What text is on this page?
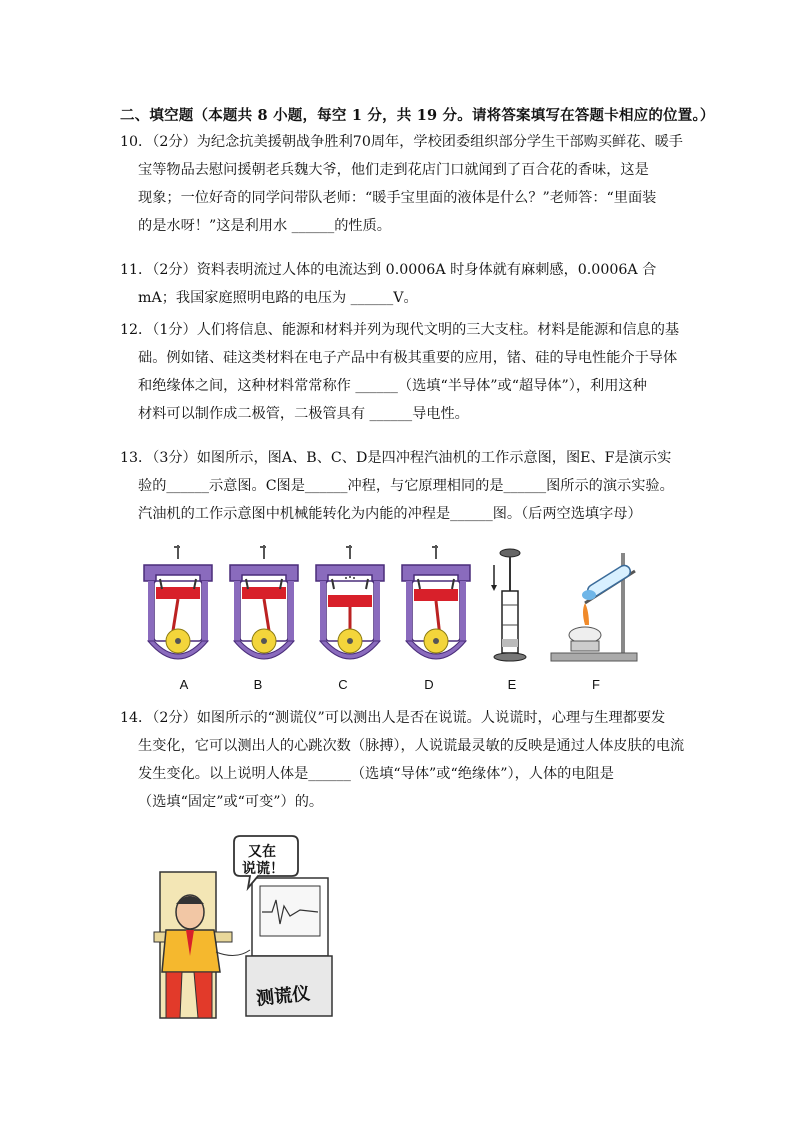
二、填空题（本题共 8 小题，每空 1 分，共 19 分。请将答案填写在答题卡相应的位置。）

10．（2分）为纪念抗美援朝战争胜利70周年，学校团委组织部分学生干部购买鲜花、暖手

宝等物品去慰问援朝老兵魏大爷，他们走到花店门口就闻到了百合花的香味，这是

现象；一位好奇的同学问带队老师：“暖手宝里面的液体是什么？”老师答：“里面装

的是水呀！”这是利用水 ______的性质。

11．（2分）资料表明流过人体的电流达到 0.0006A 时身体就有麻刺感，0.0006A 合

mA；我国家庭照明电路的电压为 ______V。

12．（1分）人们将信息、能源和材料并列为现代文明的三大支柱。材料是能源和信息的基

础。例如锗、硅这类材料在电子产品中有极其重要的应用，锗、硅的导电性能介于导体

和绝缘体之间，这种材料常常称作 ______（选填“半导体”或“超导体”），利用这种

材料可以制作成二极管，二极管具有 ______导电性。

13．（3分）如图所示，图A、B、C、D是四冲程汽油机的工作示意图，图E、F是演示实

验的______示意图。C图是______冲程，与它原理相同的是______图所示的演示实验。

汽油机的工作示意图中机械能转化为内能的冲程是______图。（后两空选填字母）

A	B	C	D	E	F

14．（2分）如图所示的“测谎仪”可以测出人是否在说谎。人说谎时，心理与生理都要发

生变化，它可以测出人的心跳次数（脉搏），人说谎最灵敏的反映是通过人体皮肤的电流

发生变化。以上说明人体是______（选填“导体”或“绝缘体”），人体的电阻是

（选填“固定”或“可变”）的。

又在
说谎！
测谎仪
